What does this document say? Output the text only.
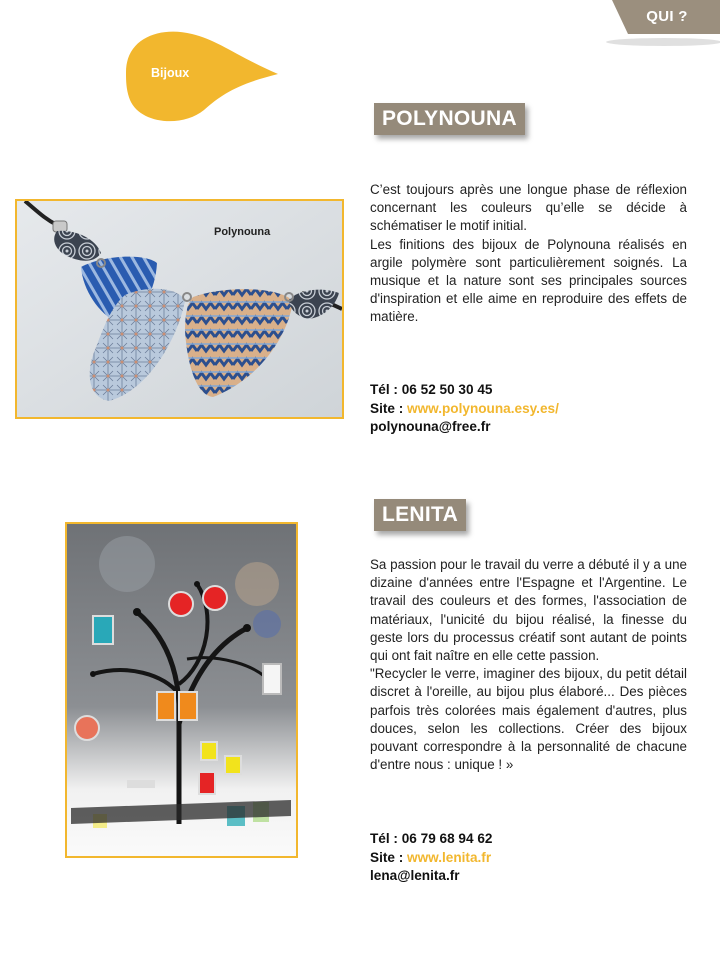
QUI ?
Bijoux
POLYNOUNA
Polynouna

C’est toujours après une longue phase de réflexion concernant les couleurs qu’elle se décide à schématiser le motif initial.

Les finitions des bijoux de Polynouna réalisés en argile polymère sont particulièrement soignés. La musique et la nature sont ses principales sources d'inspiration et elle aime en reproduire des effets de matière.

Tél : 06 52 50 30 45
Site : www.polynouna.esy.es/
polynouna@free.fr
LENITA

Sa passion pour le travail du verre a débuté il y a une dizaine d'années entre l'Espagne et l'Argentine. Le travail des couleurs et des formes, l'association de matériaux, l'unicité du bijou réalisé, la finesse du geste lors du processus créatif sont autant de points qui ont fait naître en elle cette passion.

"Recycler le verre, imaginer des bijoux, du petit détail discret à l'oreille, au bijou plus élaboré... Des pièces parfois très colorées mais également d'autres, plus douces, selon les collections. Créer des bijoux pouvant correspondre à la personnalité de chacune d'entre nous : unique ! »

Tél : 06 79 68 94 62
Site : www.lenita.fr
lena@lenita.fr
